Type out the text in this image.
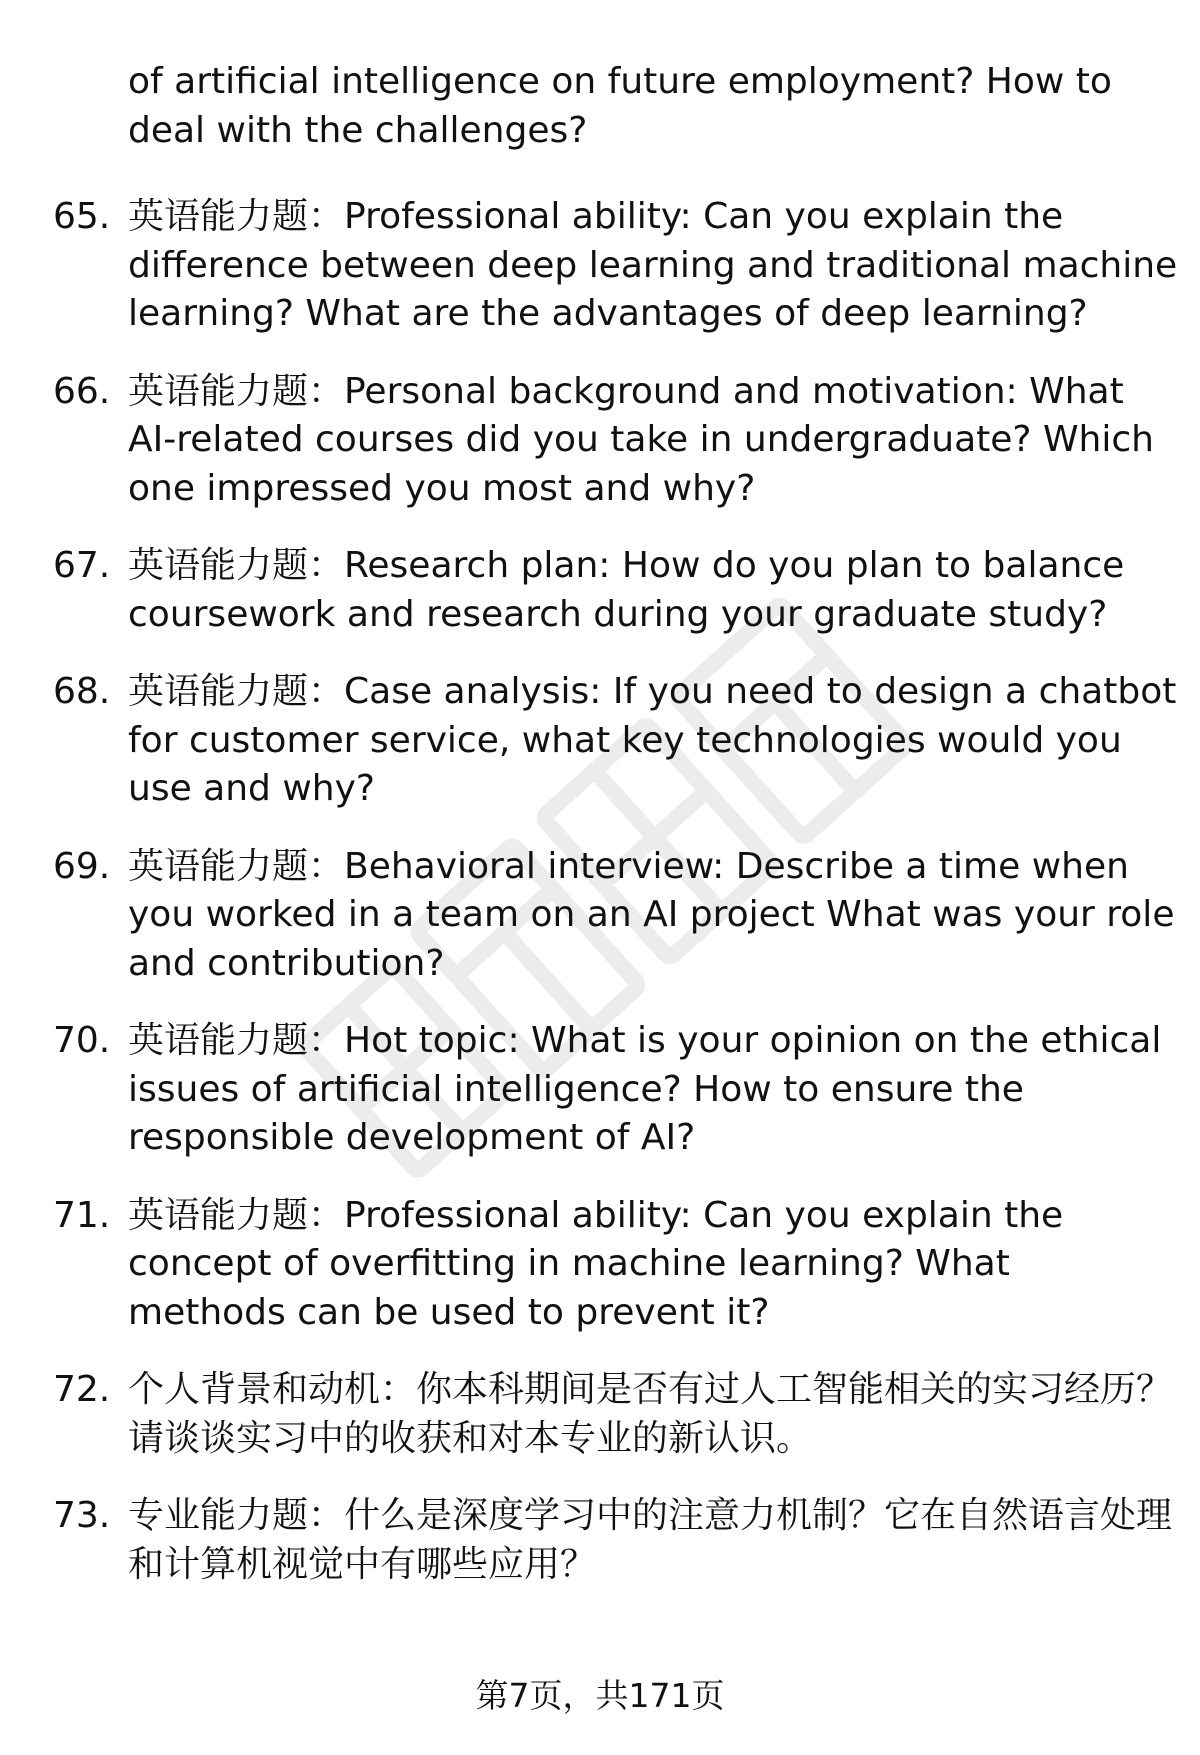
of artificial intelligence on future employment? How to deal with the challenges?

65. 英语能力题：Professional ability: Can you explain the difference between deep learning and traditional machine learning? What are the advantages of deep learning?
66. 英语能力题：Personal background and motivation: What AI-related courses did you take in undergraduate? Which one impressed you most and why?
67. 英语能力题：Research plan: How do you plan to balance coursework and research during your graduate study?
68. 英语能力题：Case analysis: If you need to design a chatbot for customer service, what key technologies would you use and why?
69. 英语能力题：Behavioral interview: Describe a time when you worked in a team on an AI project What was your role and contribution?
70. 英语能力题：Hot topic: What is your opinion on the ethical issues of artificial intelligence? How to ensure the responsible development of AI?
71. 英语能力题：Professional ability: Can you explain the concept of overfitting in machine learning? What methods can be used to prevent it?
72. 个人背景和动机：你本科期间是否有过人工智能相关的实习经历？请谈谈实习中的收获和对本专业的新认识。
73. 专业能力题：什么是深度学习中的注意力机制？它在自然语言处理和计算机视觉中有哪些应用？
第7页，共171页
